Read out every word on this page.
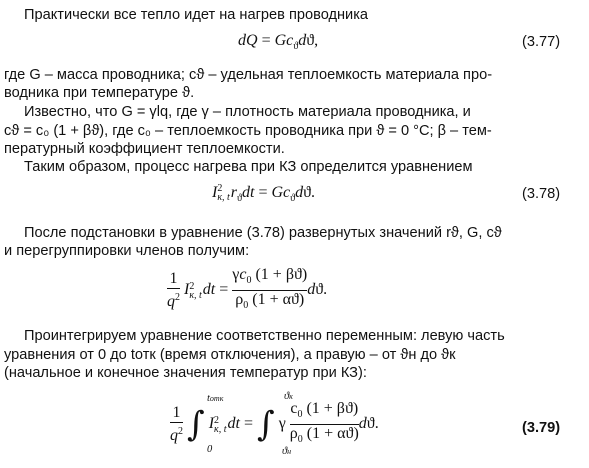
Практически все тепло идет на нагрев проводника
dQ = $Gc_ϑdϑ$,	(3.77)
где G – масса проводника; cϑ – удельная теплоемкость материала про-
водника при температуре ϑ.
Известно, что G = γlq, где γ – плотность материала проводника, и
cϑ = c₀ (1 + βϑ), где c₀ – теплоемкость проводника при ϑ = 0 °C; β – тем-
пературный коэффициент теплоемкости.
Таким образом, процесс нагрева при КЗ определится уравнением
I 2
к, t $r_ϑdt = Gc_ϑdϑ$.	(3.78)
После подстановки в уравнение (3.78) развернутых значений rϑ, G, cϑ
и перегруппировки членов получим:
$\frac{1}{q^2}$ I 2
к, t dt = $\frac{\gamma c_0 (1 + \beta ϑ)}{\rho_0 (1 + \alpha ϑ)} dϑ$.
Проинтегрируем уравнение соответственно переменным: левую часть
уравнения от 0 до tотк (время отключения), а правую – от ϑн до ϑк
(начальное и конечное значения температур при КЗ):
$\frac{1}{q^2}$ ∫ I 2
к, t dt = ∫ γ $\frac{c_0 (1 + \beta ϑ)}{\rho_0 (1 + \alpha ϑ)} dϑ$.
tотк
0
ϑк
ϑн
(3.79)
